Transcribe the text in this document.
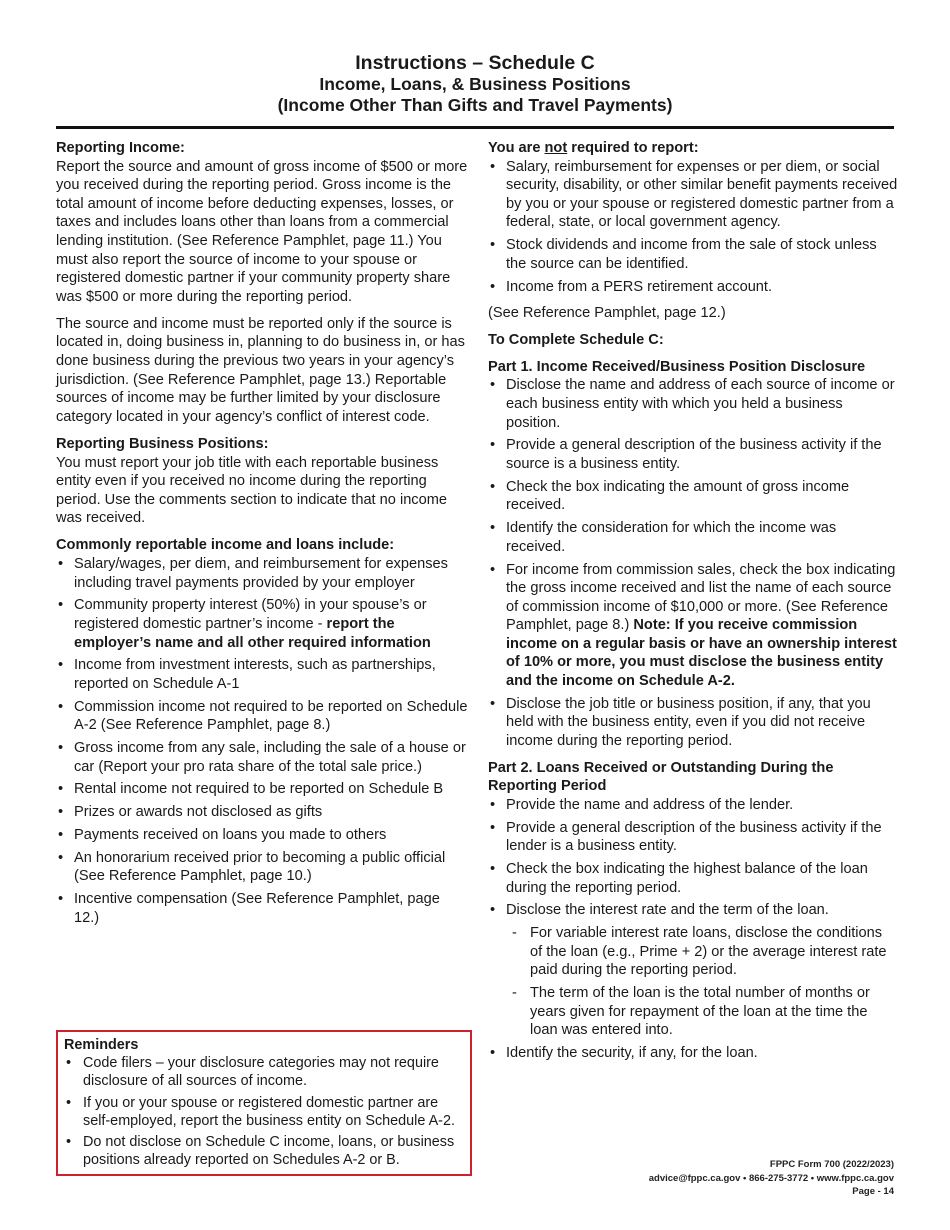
Instructions – Schedule C
Income, Loans, & Business Positions
(Income Other Than Gifts and Travel Payments)
Reporting Income:

Report the source and amount of gross income of $500 or more you received during the reporting period. Gross income is the total amount of income before deducting expenses, losses, or taxes and includes loans other than loans from a commercial lending institution. (See Reference Pamphlet, page 11.) You must also report the source of income to your spouse or registered domestic partner if your community property share was $500 or more during the reporting period.

The source and income must be reported only if the source is located in, doing business in, planning to do business in, or has done business during the previous two years in your agency’s jurisdiction. (See Reference Pamphlet, page 13.) Reportable sources of income may be further limited by your disclosure category located in your agency’s conflict of interest code.

Reporting Business Positions:

You must report your job title with each reportable business entity even if you received no income during the reporting period. Use the comments section to indicate that no income was received.

Commonly reportable income and loans include:
• Salary/wages, per diem, and reimbursement for expenses including travel payments provided by your employer
• Community property interest (50%) in your spouse’s or registered domestic partner’s income - report the employer’s name and all other required information
• Income from investment interests, such as partnerships, reported on Schedule A-1
• Commission income not required to be reported on Schedule A-2 (See Reference Pamphlet, page 8.)
• Gross income from any sale, including the sale of a house or car (Report your pro rata share of the total sale price.)
• Rental income not required to be reported on Schedule B
• Prizes or awards not disclosed as gifts
• Payments received on loans you made to others
• An honorarium received prior to becoming a public official (See Reference Pamphlet, page 10.)
• Incentive compensation (See Reference Pamphlet, page 12.)
Reminders
• Code filers – your disclosure categories may not require disclosure of all sources of income.
• If you or your spouse or registered domestic partner are self-employed, report the business entity on Schedule A-2.
• Do not disclose on Schedule C income, loans, or business positions already reported on Schedules A-2 or B.
You are not required to report:
• Salary, reimbursement for expenses or per diem, or social security, disability, or other similar benefit payments received by you or your spouse or registered domestic partner from a federal, state, or local government agency.
• Stock dividends and income from the sale of stock unless the source can be identified.
• Income from a PERS retirement account.

(See Reference Pamphlet, page 12.)

To Complete Schedule C:
Part 1. Income Received/Business Position Disclosure
• Disclose the name and address of each source of income or each business entity with which you held a business position.
• Provide a general description of the business activity if the source is a business entity.
• Check the box indicating the amount of gross income received.
• Identify the consideration for which the income was received.
• For income from commission sales, check the box indicating the gross income received and list the name of each source of commission income of $10,000 or more. (See Reference Pamphlet, page 8.) Note: If you receive commission income on a regular basis or have an ownership interest of 10% or more, you must disclose the business entity and the income on Schedule A-2.
• Disclose the job title or business position, if any, that you held with the business entity, even if you did not receive income during the reporting period.
Part 2. Loans Received or Outstanding During the Reporting Period
• Provide the name and address of the lender.
• Provide a general description of the business activity if the lender is a business entity.
• Check the box indicating the highest balance of the loan during the reporting period.
• Disclose the interest rate and the term of the loan.
- For variable interest rate loans, disclose the conditions of the loan (e.g., Prime + 2) or the average interest rate paid during the reporting period.
- The term of the loan is the total number of months or years given for repayment of the loan at the time the loan was entered into.
• Identify the security, if any, for the loan.
FPPC Form 700 (2022/2023)
advice@fppc.ca.gov • 866-275-3772 • www.fppc.ca.gov
Page - 14
